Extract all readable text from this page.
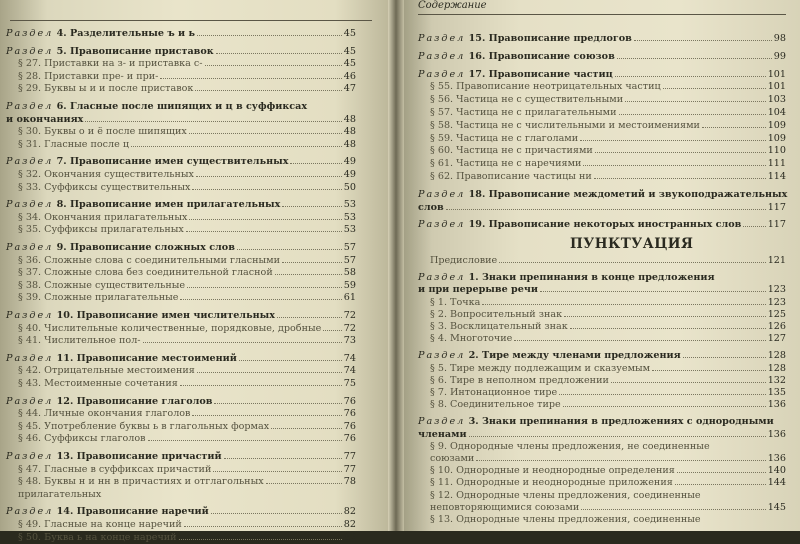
Раздел 4. Разделительные ъ и ь	45
Раздел 5. Правописание приставок	45
§ 27. Приставки на з- и приставка с-	45
§ 28. Приставки пре- и при-	46
§ 29. Буквы ы и и после приставок	47
Раздел 6. Гласные после шипящих и ц в суффиксах
и окончаниях	48
§ 30. Буквы о и ё после шипящих	48
§ 31. Гласные после ц	48
Раздел 7. Правописание имен существительных	49
§ 32. Окончания существительных	49
§ 33. Суффиксы существительных	50
Раздел 8. Правописание имен прилагательных	53
§ 34. Окончания прилагательных	53
§ 35. Суффиксы прилагательных	53
Раздел 9. Правописание сложных слов	57
§ 36. Сложные слова с соединительными гласными	57
§ 37. Сложные слова без соединительной гласной	58
§ 38. Сложные существительные	59
§ 39. Сложные прилагательные	61
Раздел 10. Правописание имен числительных	72
§ 40. Числительные количественные, порядковые, дробные 72
§ 41. Числительное пол-	73
Раздел 11. Правописание местоимений	74
§ 42. Отрицательные местоимения	74
§ 43. Местоименные сочетания	75
Раздел 12. Правописание глаголов	76
§ 44. Личные окончания глаголов	76
§ 45. Употребление буквы ь в глагольных формах	76
§ 46. Суффиксы глаголов	76
Раздел 13. Правописание причастий	77
§ 47. Гласные в суффиксах причастий	77
§ 48. Буквы н и нн в причастиях и отглагольных	78
прилагательных
Раздел 14. Правописание наречий	82
§ 49. Гласные на конце наречий	82
§ 50. Буква ь на конце наречий	82
Содержание
ПУНКТУАЦИЯ
Раздел 15. Правописание предлогов	98
Раздел 16. Правописание союзов	99
Раздел 17. Правописание частиц	101
§ 55. Правописание неотрицательных частиц	101
§ 56. Частица не с существительными	103
§ 57. Частица не с прилагательными	104
§ 58. Частица не с числительными и местоимениями	109
§ 59. Частица не с глаголами	109
§ 60. Частица не с причастиями	110
§ 61. Частица не с наречиями	111
§ 62. Правописание частицы ни	114
Раздел 18. Правописание междометий и звукоподражательных
слов	117
Раздел 19. Правописание некоторых иностранных слов	117
Предисловие	121
Раздел 1. Знаки препинания в конце предложения
и при перерыве речи	123
§ 1. Точка	123
§ 2. Вопросительный знак	125
§ 3. Восклицательный знак	126
§ 4. Многоточие	127
Раздел 2. Тире между членами предложения	128
§ 5. Тире между подлежащим и сказуемым	128
§ 6. Тире в неполном предложении	132
§ 7. Интонационное тире	135
§ 8. Соединительное тире	136
Раздел 3. Знаки препинания в предложениях с однородными
членами	136
§ 9. Однородные члены предложения, не соединенные
союзами	136
§ 10. Однородные и неоднородные определения	140
§ 11. Однородные и неоднородные приложения	144
§ 12. Однородные члены предложения, соединенные
неповторяющимися союзами	145
§ 13. Однородные члены предложения, соединенные
